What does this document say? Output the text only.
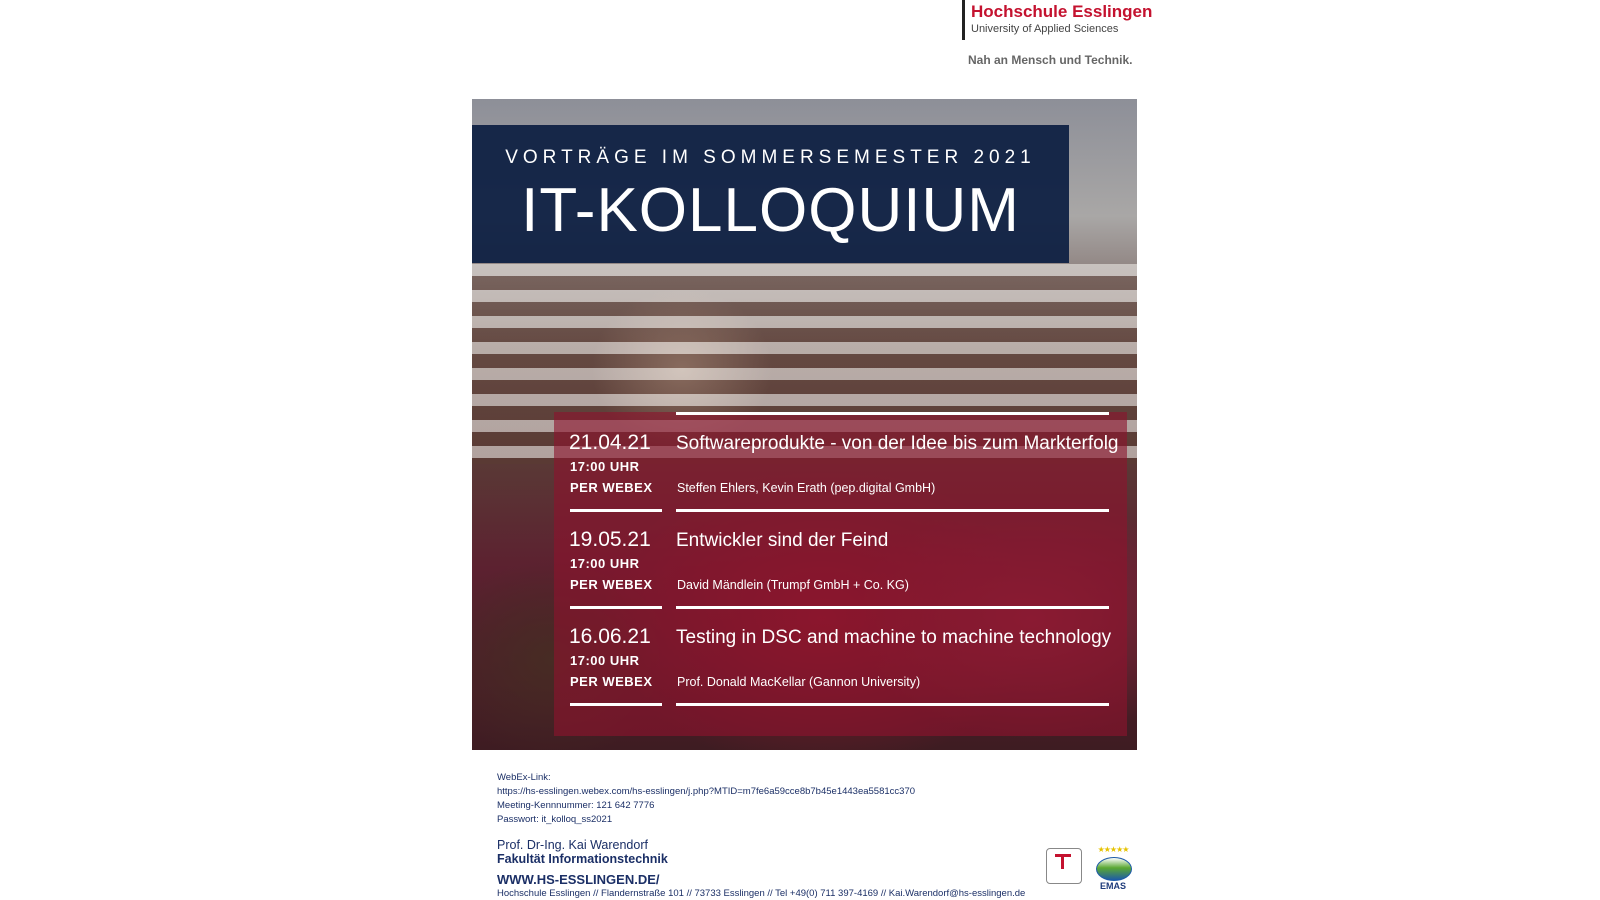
Hochschule Esslingen
University of Applied Sciences
Nah an Mensch und Technik.
VORTRÄGE IM SOMMERSEMESTER 2021
IT-KOLLOQUIUM
21.04.21
17:00 UHR
PER WEBEX
Softwareprodukte - von der Idee bis zum Markterfolg
Steffen Ehlers, Kevin Erath (pep.digital GmbH)
19.05.21
17:00 UHR
PER WEBEX
Entwickler sind der Feind
David Mändlein (Trumpf GmbH + Co. KG)
16.06.21
17:00 UHR
PER WEBEX
Testing in DSC and machine to machine technology
Prof. Donald MacKellar (Gannon University)
WebEx-Link:
https://hs-esslingen.webex.com/hs-esslingen/j.php?MTID=m7fe6a59cce8b7b45e1443ea5581cc370
Meeting-Kennnummer: 121 642 7776
Passwort: it_kolloq_ss2021
Prof. Dr-Ing. Kai Warendorf
Fakultät Informationstechnik
WWW.HS-ESSLINGEN.DE/
Hochschule Esslingen // Flandernstraße 101 // 73733 Esslingen // Tel +49(0) 711 397-4169 // Kai.Warendorf@hs-esslingen.de
★★★★★
EMAS
